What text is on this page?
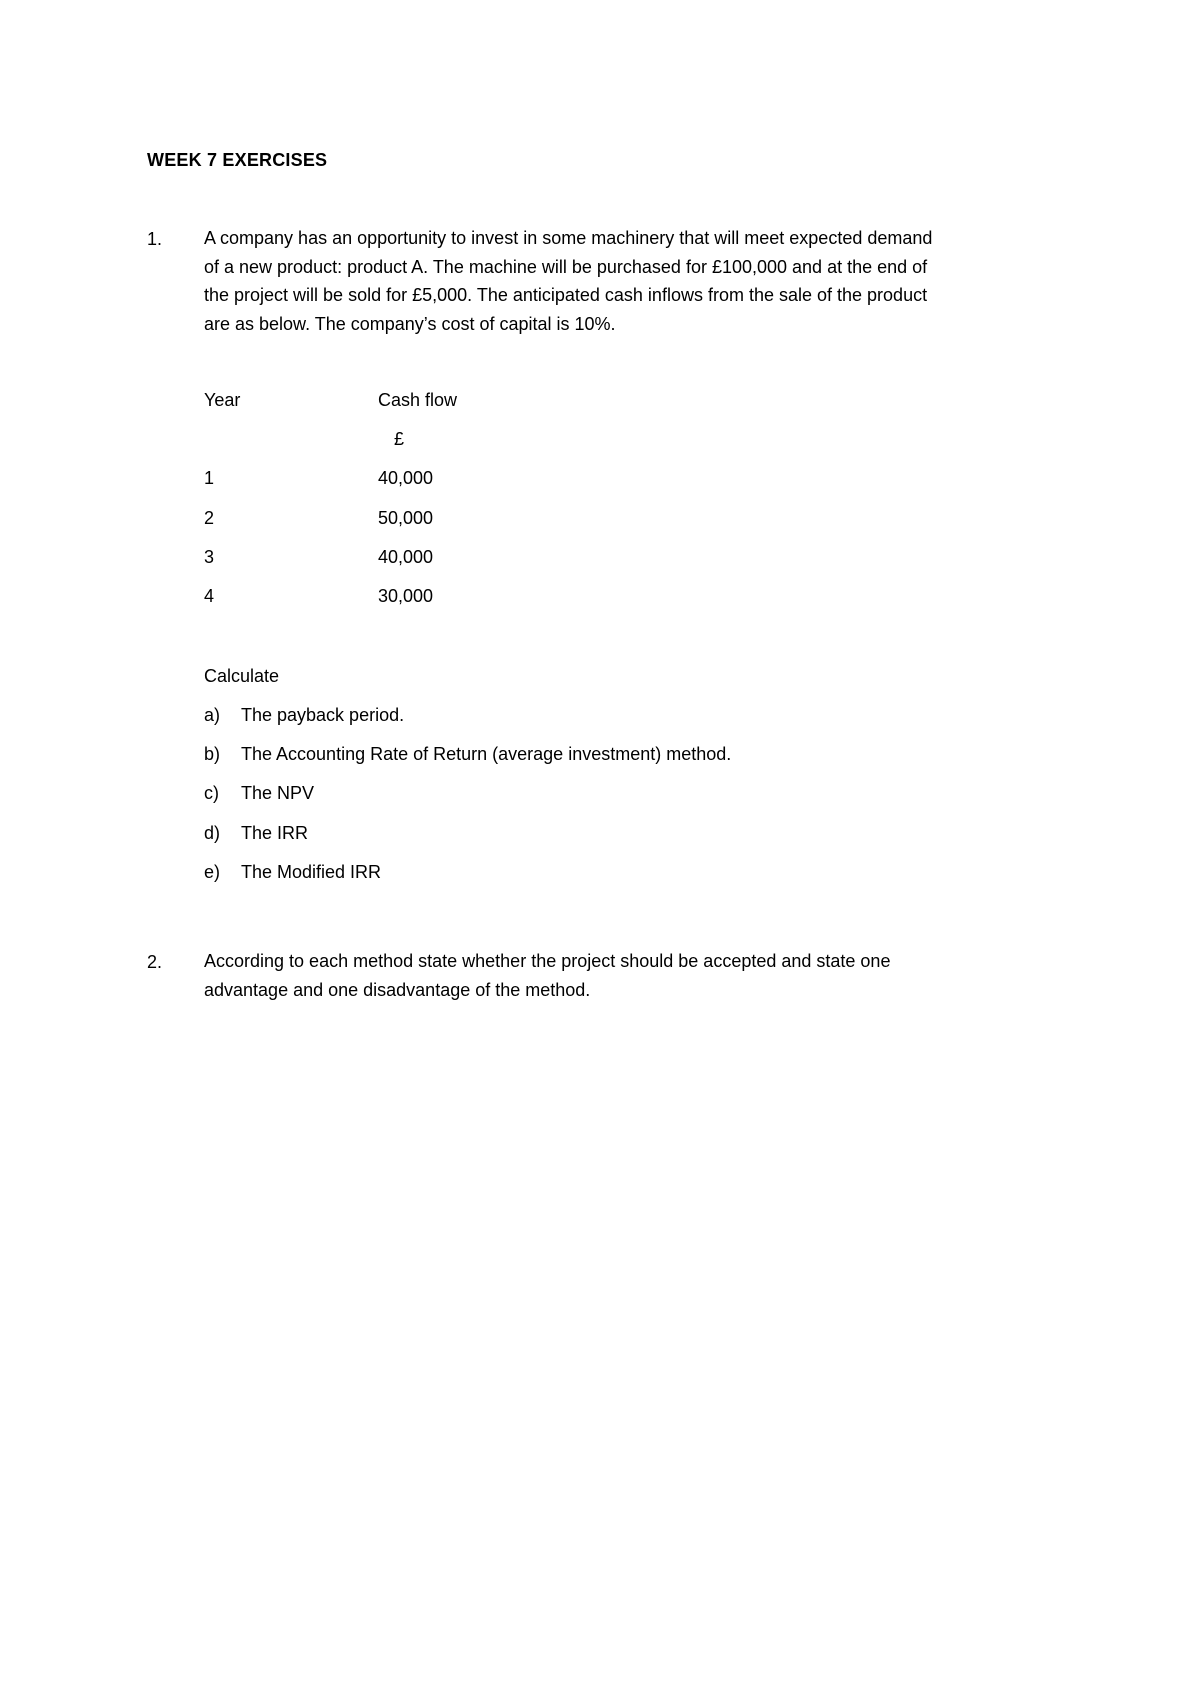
WEEK 7 EXERCISES
1. A company has an opportunity to invest in some machinery that will meet expected demand
of a new product: product A. The machine will be purchased for £100,000 and at the end of
the project will be sold for £5,000. The anticipated cash inflows from the sale of the product
are as below. The company’s cost of capital is 10%.
Year	Cash flow
£
1	40,000
2	50,000
3	40,000
4	30,000
Calculate
a) The payback period.
b) The Accounting Rate of Return (average investment) method.
c) The NPV
d) The IRR
e) The Modified IRR
2. According to each method state whether the project should be accepted and state one
advantage and one disadvantage of the method.
